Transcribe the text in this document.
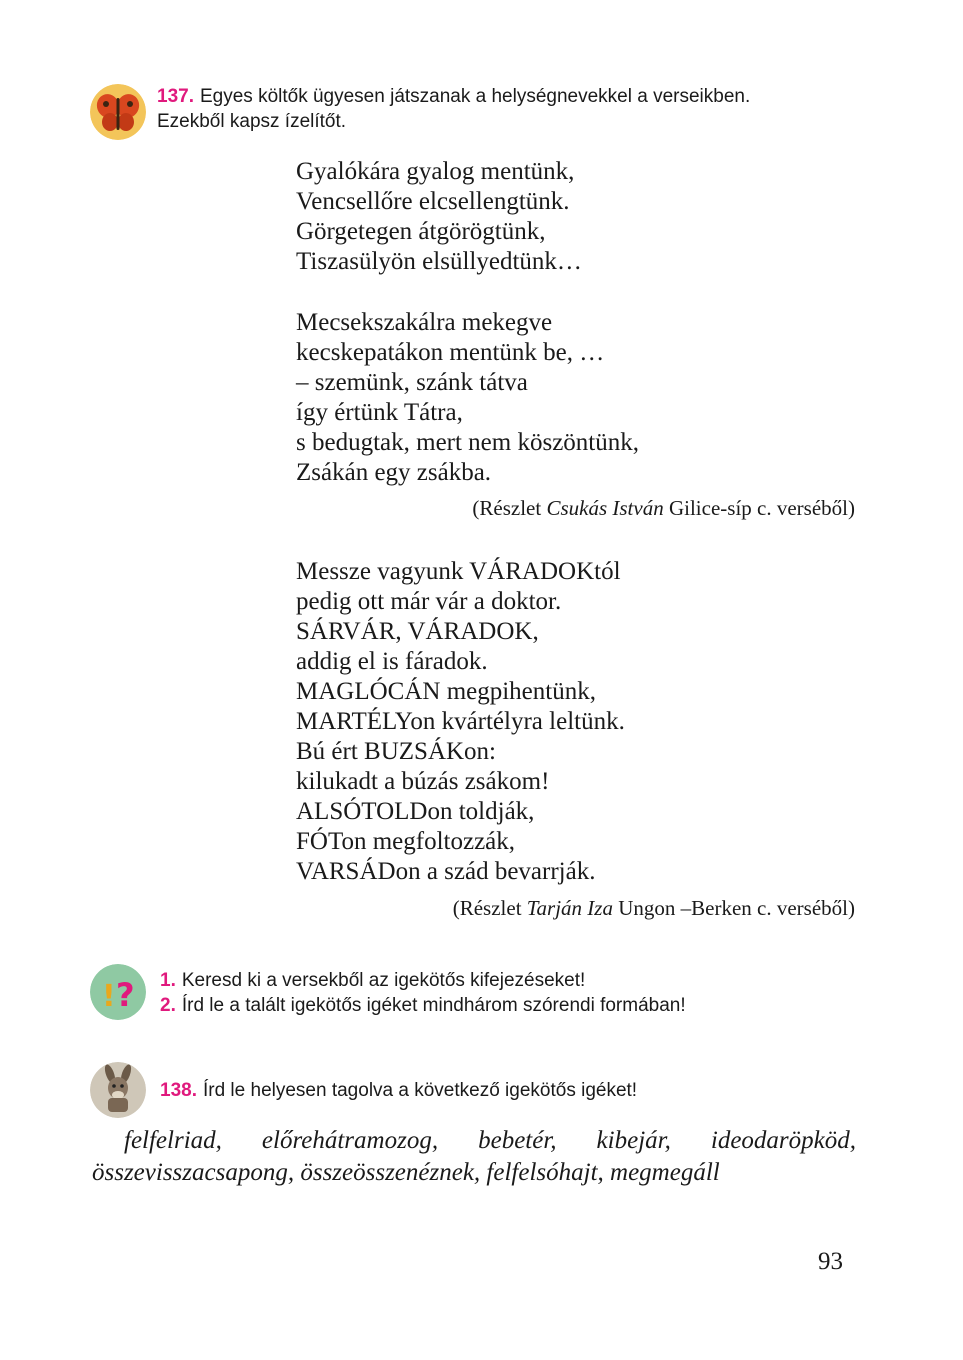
137. Egyes költők ügyesen játszanak a helységnevekkel a verseikben.
Ezekből kapsz ízelítőt.
Gyalókára gyalog mentünk,
Vencsellőre elcsellengtünk.
Görgetegen átgörögtünk,
Tiszasülyön elsüllyedtünk…
Mecsekszakálra mekegve
kecskepatákon mentünk be, …
– szemünk, szánk tátva
így értünk Tátra,
s bedugtak, mert nem köszöntünk,
Zsákán egy zsákba.
(Részlet Csukás István Gilice-síp c. verséből)
Messze vagyunk VÁRADOKtól
pedig ott már vár a doktor.
SÁRVÁR, VÁRADOK,
addig el is fáradok.
MAGLÓCÁN megpihentünk,
MARTÉLYon kvártélyra leltünk.
Bú ért BUZSÁKon:
kilukadt a búzás zsákom!
ALSÓTOLDon toldják,
FÓTon megfoltozzák,
VARSÁDon a szád bevarrják.
(Részlet Tarján Iza Ungon –Berken c. verséből)
! ? 1. Keresd ki a versekből az igekötős kifejezéseket!
2. Írd le a talált igekötős igéket mindhárom szórendi formában!
138. Írd le helyesen tagolva a következő igekötős igéket!
felfelriad, előrehátramozog, bebetér, kibejár, ideodaröpköd, összevisszacsapong, összeösszenéznek, felfelsóhajt, megmegáll
93
